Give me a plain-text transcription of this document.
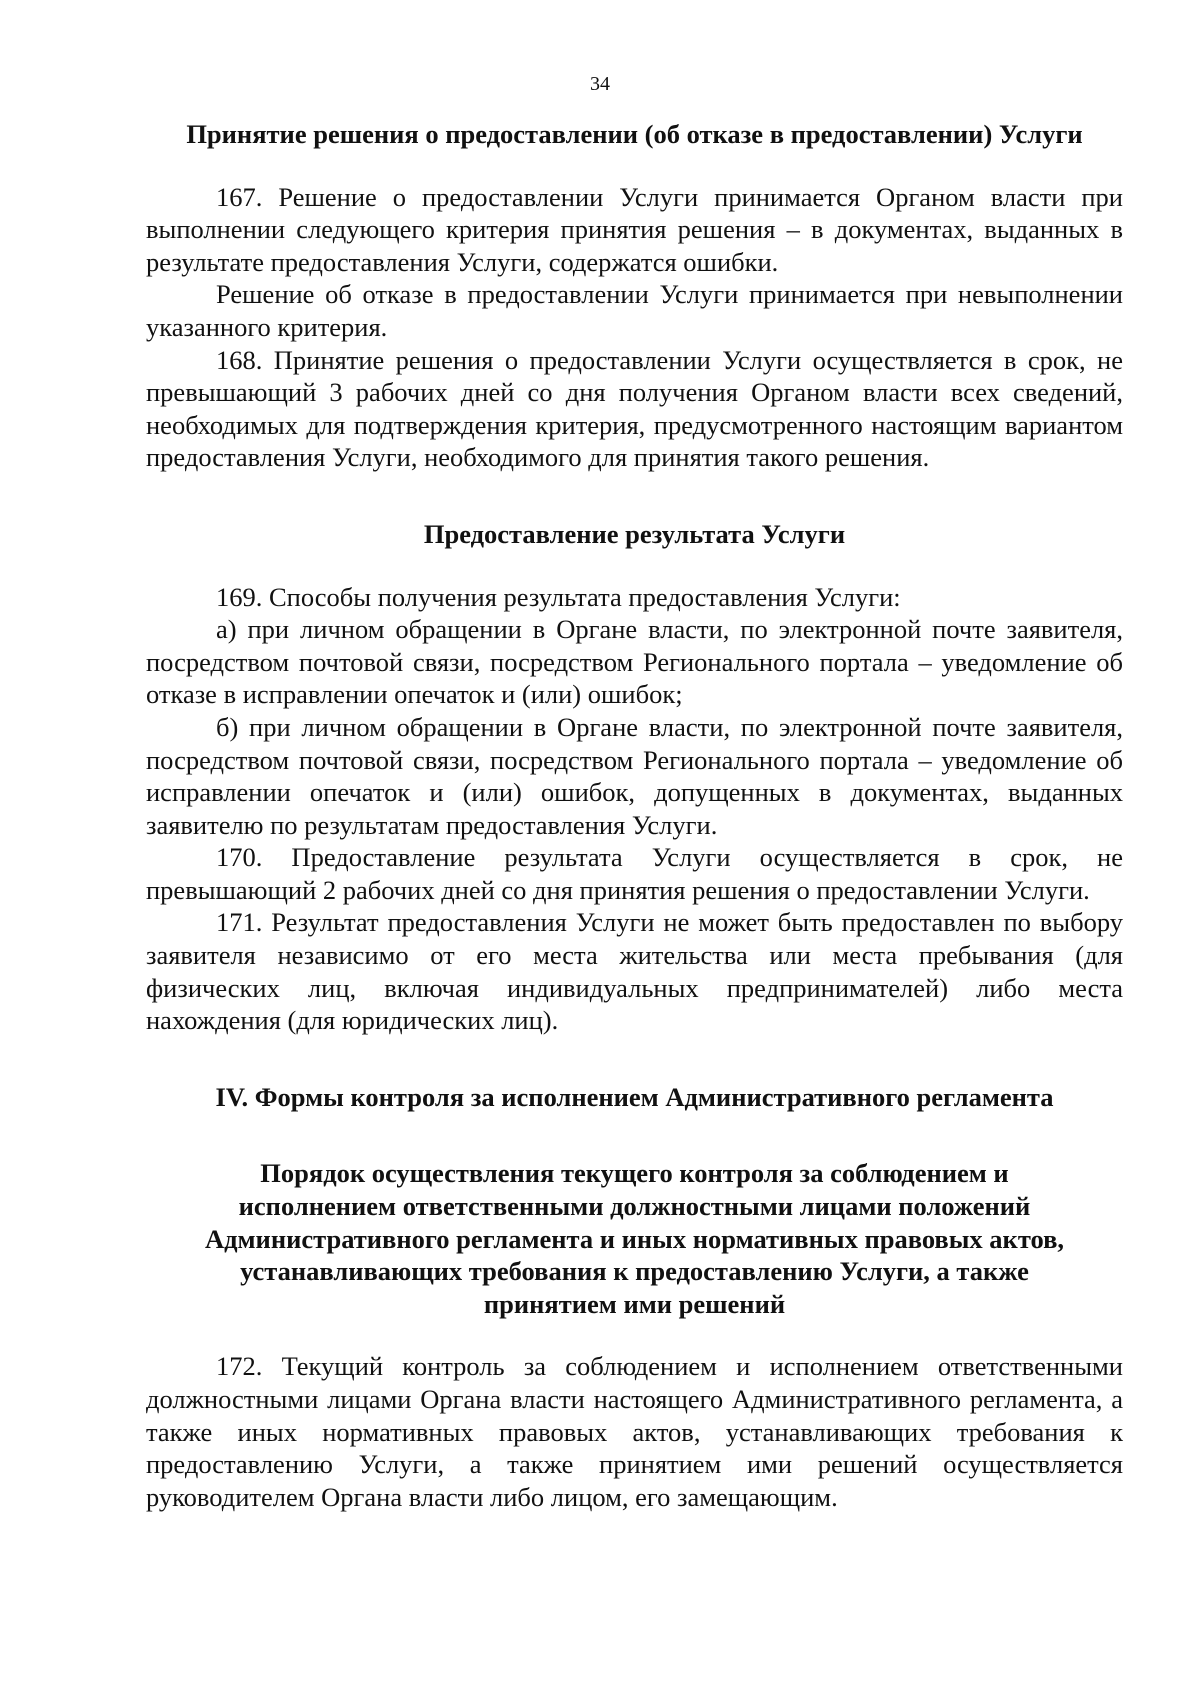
34

Принятие решения о предоставлении (об отказе в предоставлении) Услуги

167. Решение о предоставлении Услуги принимается Органом власти при выполнении следующего критерия принятия решения – в документах, выданных в результате предоставления Услуги, содержатся ошибки.

Решение об отказе в предоставлении Услуги принимается при невыполнении указанного критерия.

168. Принятие решения о предоставлении Услуги осуществляется в срок, не превышающий 3 рабочих дней со дня получения Органом власти всех сведений, необходимых для подтверждения критерия, предусмотренного настоящим вариантом предоставления Услуги, необходимого для принятия такого решения.

Предоставление результата Услуги

169. Способы получения результата предоставления Услуги:

а) при личном обращении в Органе власти, по электронной почте заявителя, посредством почтовой связи, посредством Регионального портала – уведомление об отказе в исправлении опечаток и (или) ошибок;

б) при личном обращении в Органе власти, по электронной почте заявителя, посредством почтовой связи, посредством Регионального портала – уведомление об исправлении опечаток и (или) ошибок, допущенных в документах, выданных заявителю по результатам предоставления Услуги.

170. Предоставление результата Услуги осуществляется в срок, не превышающий 2 рабочих дней со дня принятия решения о предоставлении Услуги.

171. Результат предоставления Услуги не может быть предоставлен по выбору заявителя независимо от его места жительства или места пребывания (для физических лиц, включая индивидуальных предпринимателей) либо места нахождения (для юридических лиц).

IV. Формы контроля за исполнением Административного регламента

Порядок осуществления текущего контроля за соблюдением и

исполнением ответственными должностными лицами положений

Административного регламента и иных нормативных правовых актов,

устанавливающих требования к предоставлению Услуги, а также

принятием ими решений

172. Текущий контроль за соблюдением и исполнением ответственными должностными лицами Органа власти настоящего Административного регламента, а также иных нормативных правовых актов, устанавливающих требования к предоставлению Услуги, а также принятием ими решений осуществляется руководителем Органа власти либо лицом, его замещающим.
